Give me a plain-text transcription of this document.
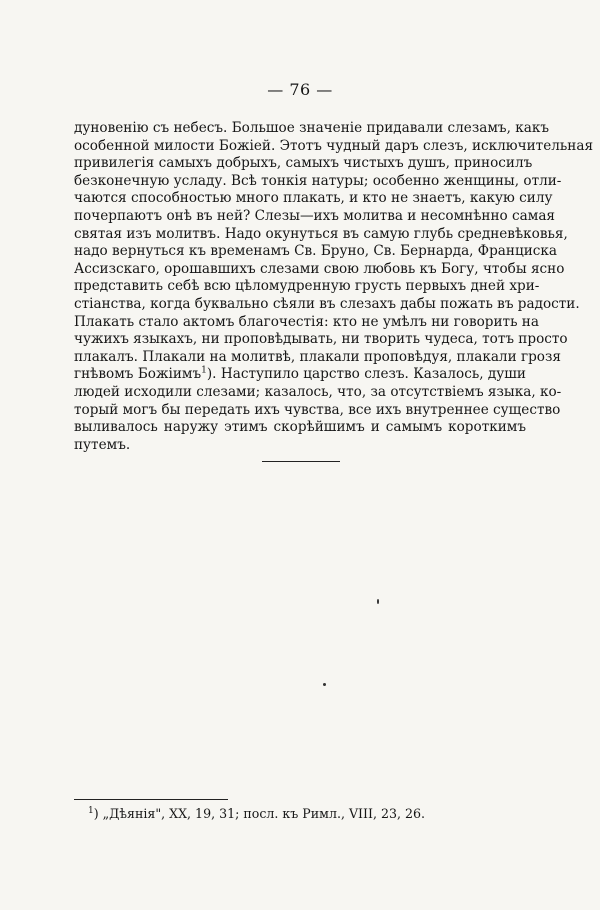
— 76 —
дуновенію съ небесъ. Большое значеніе придавали слезамъ, какъ
особенной милости Божіей. Этотъ чудный даръ слезъ, исключительная
привилегія самыхъ добрыхъ, самыхъ чистыхъ душъ, приносилъ
безконечную усладу. Всѣ тонкія натуры; особенно женщины, отли-
чаются способностью много плакать, и кто не знаетъ, какую силу
почерпаютъ онѣ въ ней? Слезы—ихъ молитва и несомнѣнно самая
святая изъ молитвъ. Надо окунуться въ самую глубь средневѣковья,
надо вернуться къ временамъ Св. Бруно, Св. Бернарда, Франциска
Ассизскаго, орошавшихъ слезами свою любовь къ Богу, чтобы ясно
представить себѣ всю цѣломудренную грусть первыхъ дней хри-
стіанства, когда буквально сѣяли въ слезахъ дабы пожать въ радости.
Плакать стало актомъ благочестія: кто не умѣлъ ни говорить на
чужихъ языкахъ, ни проповѣдывать, ни творить чудеса, тотъ просто
плакалъ. Плакали на молитвѣ, плакали проповѣдуя, плакали грозя
гнѣвомъ Божіимъ$^1$). Наступило царство слезъ. Казалось, души
людей исходили слезами; казалось, что, за отсутствіемъ языка, ко-
торый могъ бы передать ихъ чувства, все ихъ внутреннее существо
выливалось наружу этимъ скорѣйшимъ и самымъ короткимъ
путемъ.
$^1$) „Дѣянія", XX, 19, 31; посл. къ Римл., VIII, 23, 26.
